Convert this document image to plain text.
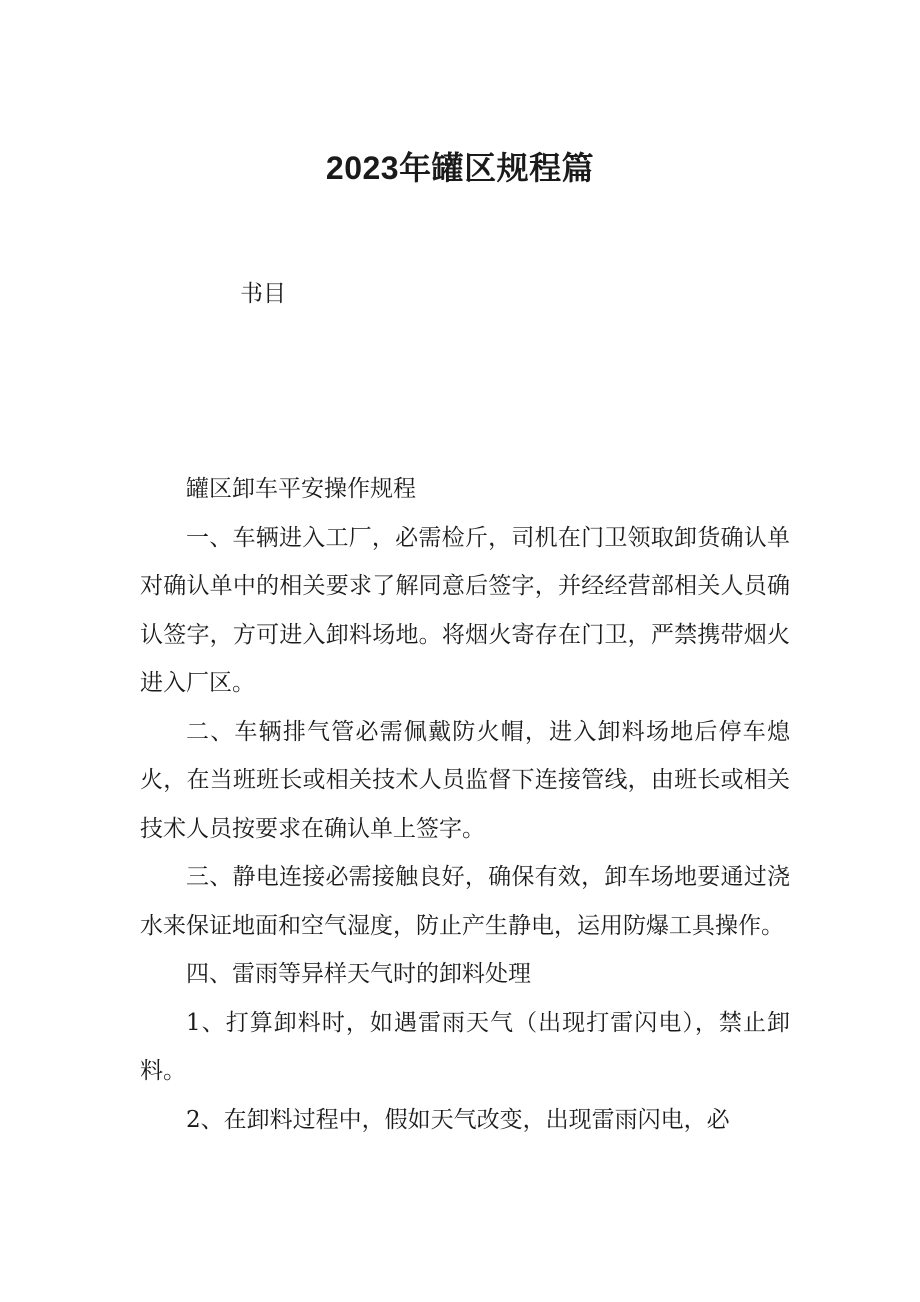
2023年罐区规程篇
书目

罐区卸车平安操作规程

一、车辆进入工厂，必需检斤，司机在门卫领取卸货确认单对确认单中的相关要求了解同意后签字，并经经营部相关人员确认签字，方可进入卸料场地。将烟火寄存在门卫，严禁携带烟火进入厂区。

二、车辆排气管必需佩戴防火帽，进入卸料场地后停车熄火，在当班班长或相关技术人员监督下连接管线，由班长或相关技术人员按要求在确认单上签字。

三、静电连接必需接触良好，确保有效，卸车场地要通过浇水来保证地面和空气湿度，防止产生静电，运用防爆工具操作。

四、雷雨等异样天气时的卸料处理

1、打算卸料时，如遇雷雨天气（出现打雷闪电），禁止卸料。

2、在卸料过程中，假如天气改变，出现雷雨闪电，必
